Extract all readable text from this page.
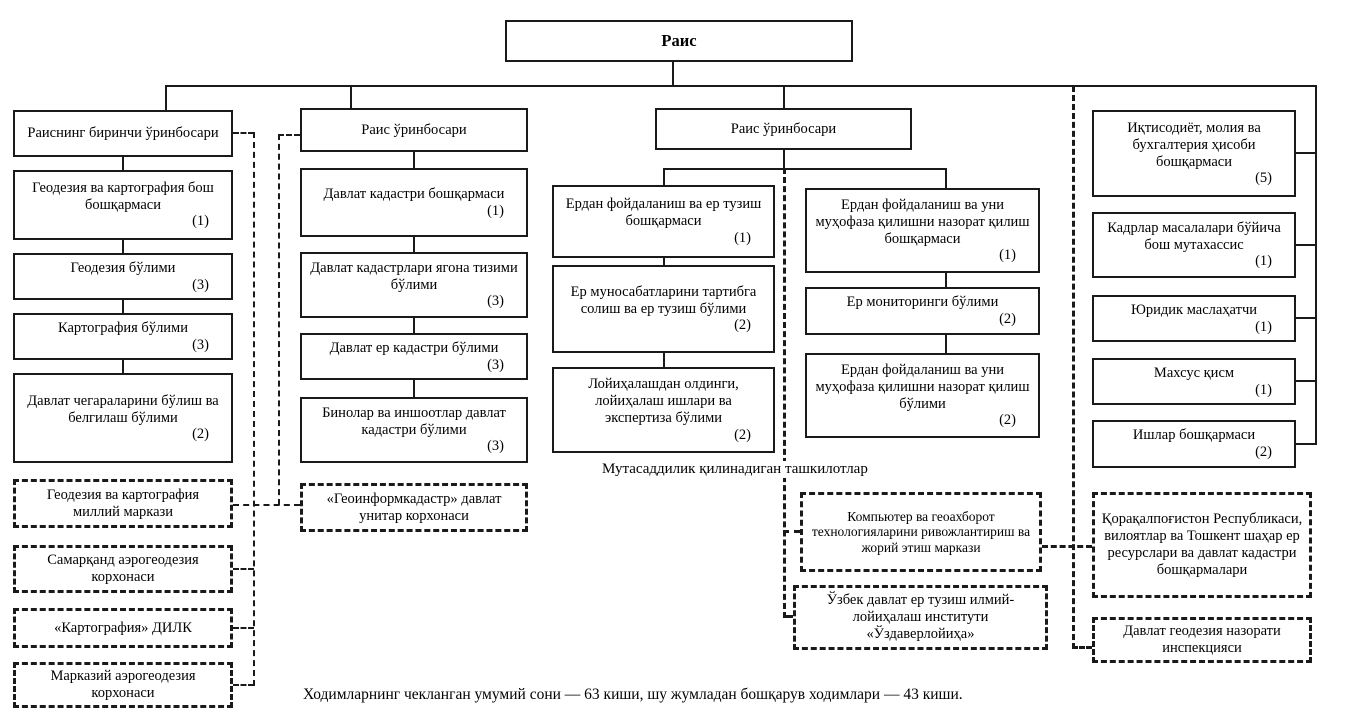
Раис
Раиснинг биринчи ўринбосари
Геодезия ва картография бош бошқармаси
(1)
Геодезия бўлими
(3)
Картография бўлими
(3)
Давлат чегараларини бўлиш ва белгилаш бўлими
(2)
Геодезия ва картография миллий маркази
Самарқанд аэрогеодезия корхонаси
«Картография» ДИЛК
Марказий аэрогеодезия корхонаси
Раис ўринбосари
Давлат кадастри бошқармаси
(1)
Давлат кадастрлари ягона тизими бўлими
(3)
Давлат ер кадастри бўлими
(3)
Бинолар ва иншоотлар давлат кадастри бўлими
(3)
«Геоинформкадастр» давлат унитар корхонаси
Раис ўринбосари
Ердан фойдаланиш ва ер тузиш бошқармаси
(1)
Ер муносабатларини тартибга солиш ва ер тузиш бўлими
(2)
Лойиҳалашдан олдинги, лойиҳалаш ишлари ва экспертиза бўлими
(2)
Ердан фойдаланиш ва уни муҳофаза қилишни назорат қилиш бошқармаси
(1)
Ер мониторинги бўлими
(2)
Ердан фойдаланиш ва уни муҳофаза қилишни назорат қилиш бўлими
(2)
Мутасаддилик қилинадиган ташкилотлар
Компьютер ва геоахборот технологияларини ривожлантириш ва жорий этиш маркази
Ўзбек давлат ер тузиш илмий-лойиҳалаш институти «Ўздаверлойиҳа»
Иқтисодиёт, молия ва бухгалтерия ҳисоби бошқармаси
(5)
Кадрлар масалалари бўйича бош мутахассис
(1)
Юридик маслаҳатчи
(1)
Махсус қисм
(1)
Ишлар бошқармаси
(2)
Қорақалпоғистон Республикаси, вилоятлар ва Тошкент шаҳар ер ресурслари ва давлат кадастри бошқармалари
Давлат геодезия назорати инспекцияси
Ходимларнинг чекланган умумий сони — 63 киши, шу жумладан бошқарув ходимлари — 43 киши.
